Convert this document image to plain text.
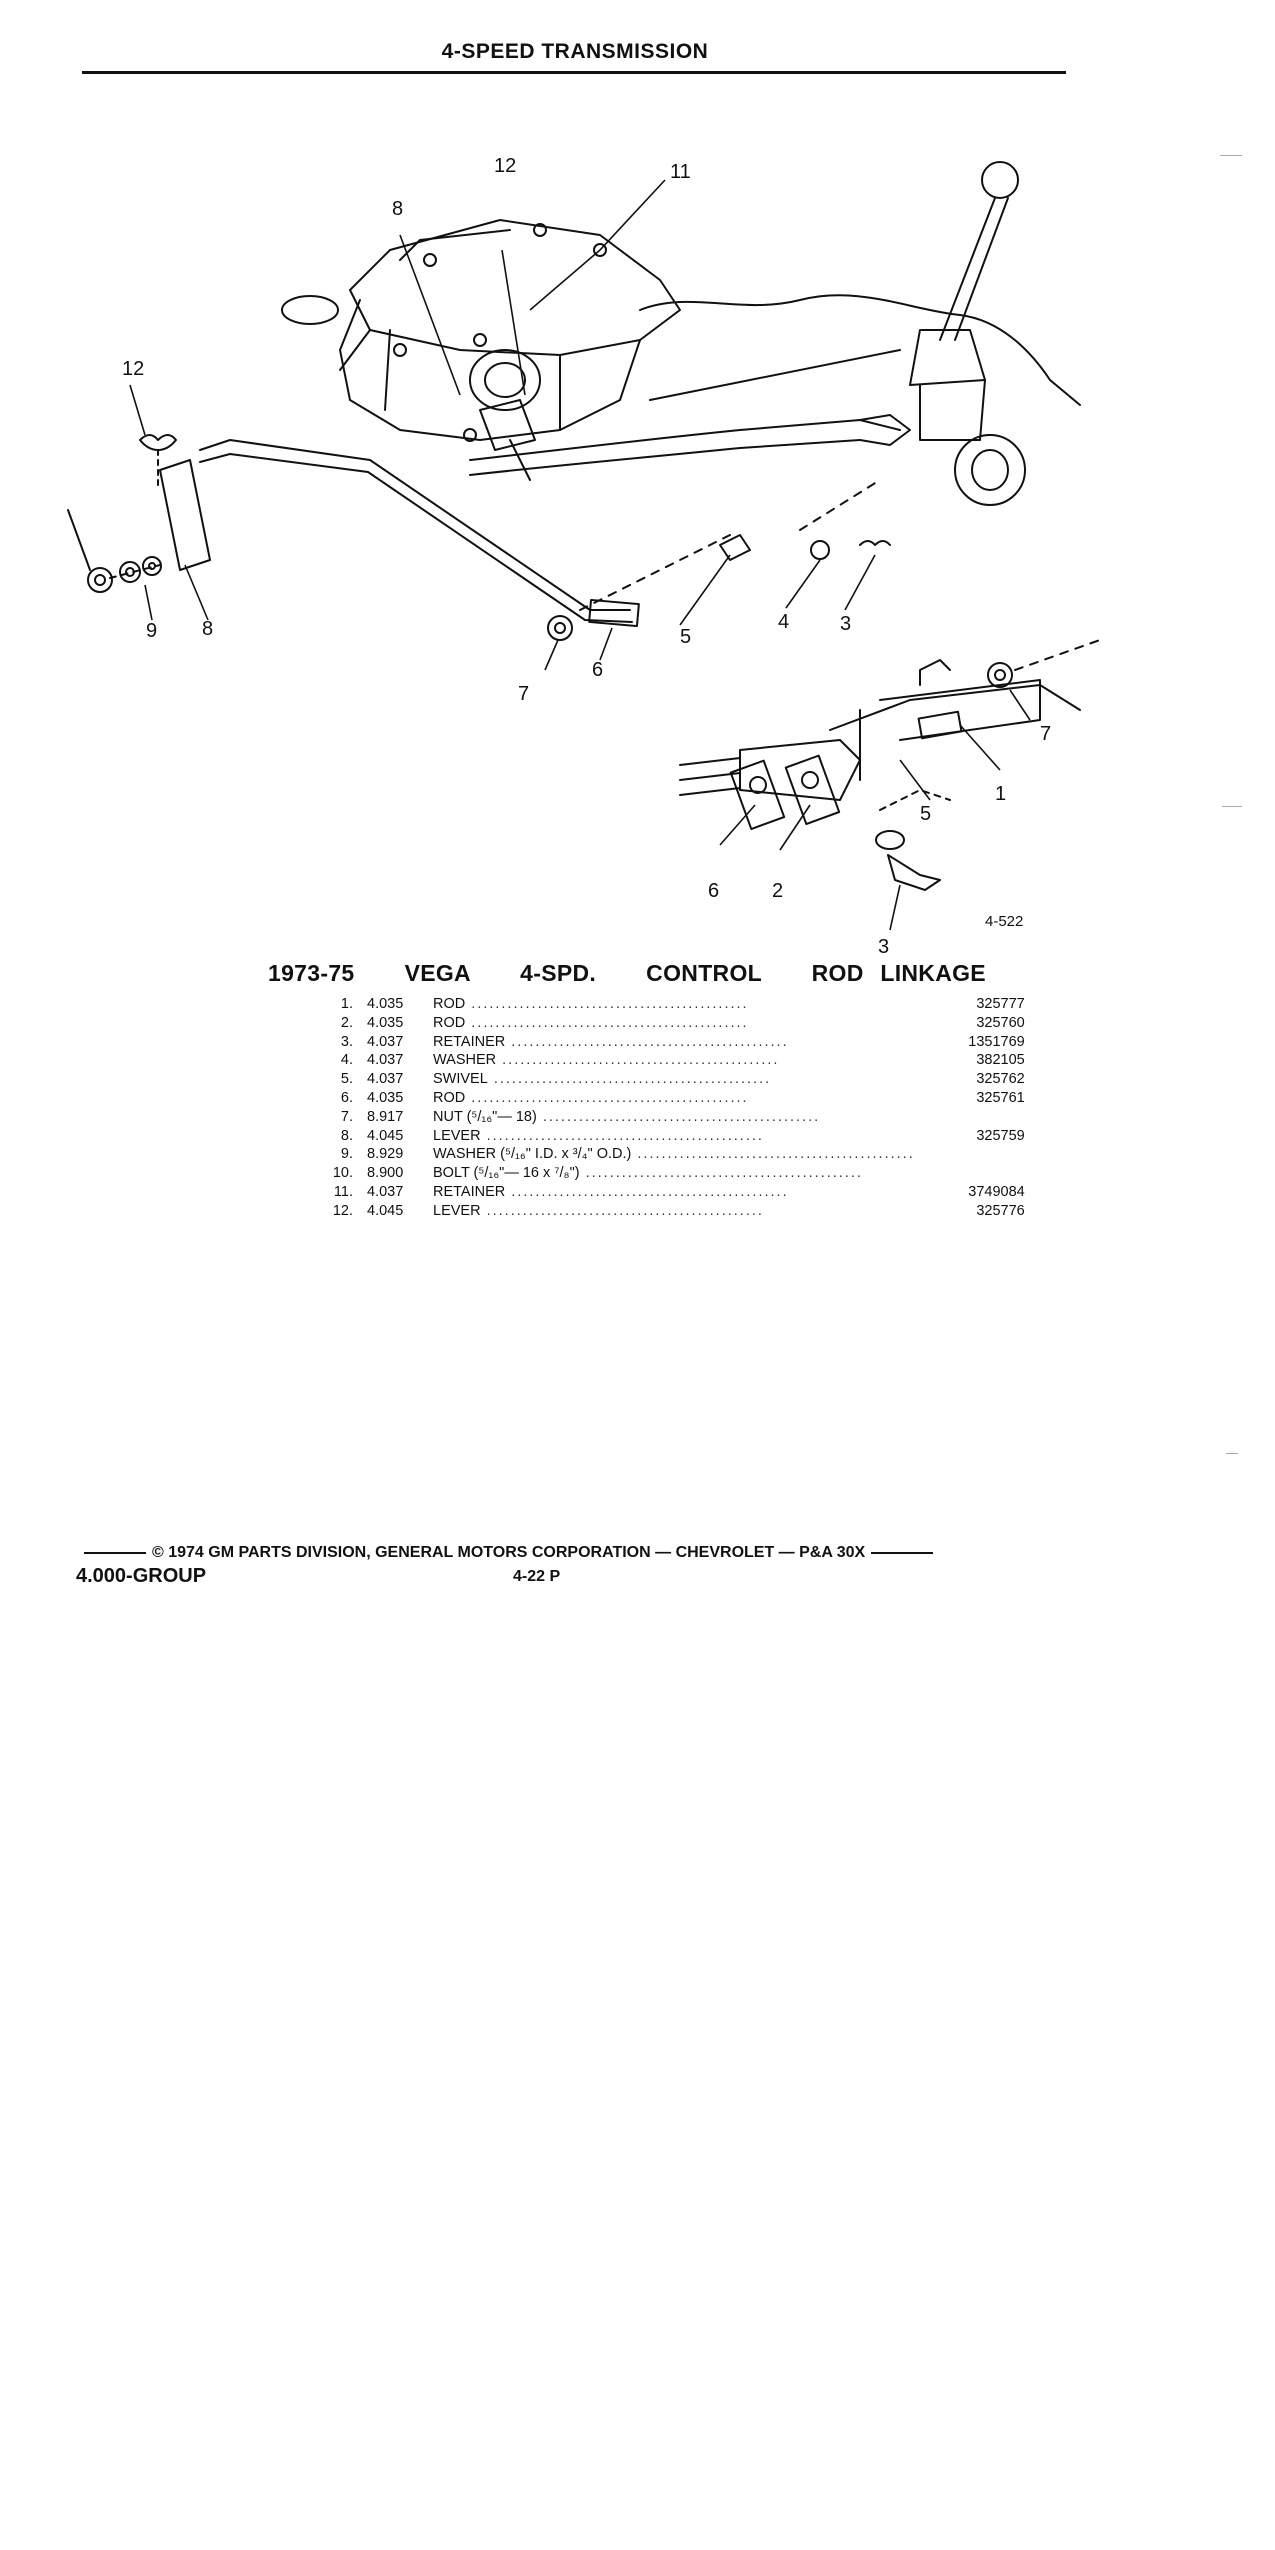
4-SPEED TRANSMISSION
12	11
8
12
8
9
7
6
5
4	3
7
1
5
6	2
3
4-522
1973-75   VEGA   4-SPD.   CONTROL   ROD LINKAGE
1.	4.035	ROD ..............................................	325777
2.	4.035	ROD ..............................................	325760
3.	4.037	RETAINER ..............................................	1351769
4.	4.037	WASHER ..............................................	382105
5.	4.037	SWIVEL ..............................................	325762
6.	4.035	ROD ..............................................	325761
7.	8.917	NUT (⁵/₁₆"— 18) ..............................................	
8.	4.045	LEVER ..............................................	325759
9.	8.929	WASHER (⁵/₁₆" I.D. x ³/₄" O.D.) ..............................................	
10.	8.900	BOLT (⁵/₁₆"— 16 x ⁷/₈") ..............................................	
11.	4.037	RETAINER ..............................................	3749084
12.	4.045	LEVER ..............................................	325776
© 1974 GM PARTS DIVISION, GENERAL MOTORS CORPORATION — CHEVROLET — P&A 30X
4.000-GROUP	4-22 P
